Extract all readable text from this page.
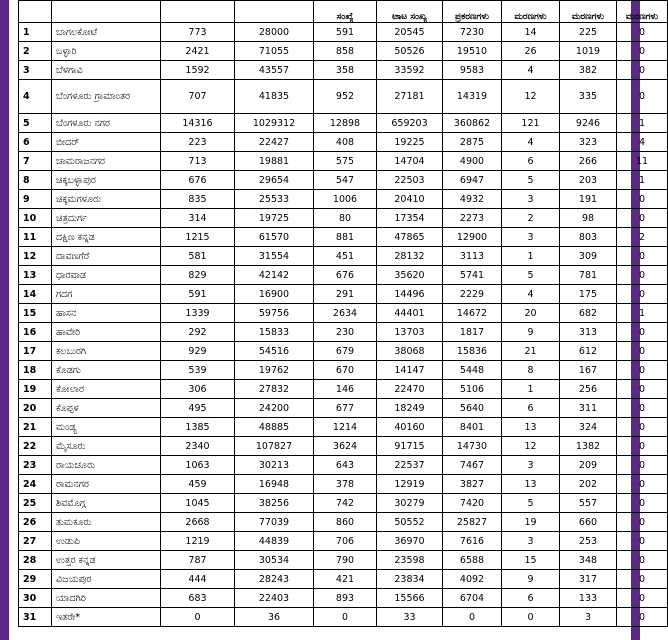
				ಸಂಖ್ಯೆ	ಟಾಟ ಸಂಖ್ಯ	ಪ್ರಕರಣಗಳು	ಮರಣಗಳು	ಮರಣಗಳು	ಮರಣಗಳು
1	ಬಾಗಲಕೋಟೆ	773	28000	591	20545	7230	14	225	0
2	ಬಳ್ಳಾರಿ	2421	71055	858	50526	19510	26	1019	0
3	ಬೆಳಗಾವಿ	1592	43557	358	33592	9583	4	382	0
4	ಬೆಂಗಳೂರು ಗ್ರಾಮಾಂತರ	707	41835	952	27181	14319	12	335	0
5	ಬೆಂಗಳೂರು ನಗರ	14316	1029312	12898	659203	360862	121	9246	1
6	ಬೀದರ್	223	22427	408	19225	2875	4	323	4
7	ಚಾಮರಾಜನಗರ	713	19881	575	14704	4900	6	266	11
8	ಚಿಕ್ಕಬಳ್ಳಾಪುರ	676	29654	547	22503	6947	5	203	1
9	ಚಿಕ್ಕಮಗಳೂರು	835	25533	1006	20410	4932	3	191	0
10	ಚಿತ್ರದುರ್ಗ	314	19725	80	17354	2273	2	98	0
11	ದಕ್ಷಿಣ ಕನ್ನಡ	1215	61570	881	47865	12900	3	803	2
12	ದಾವಣಗೆರೆ	581	31554	451	28132	3113	1	309	0
13	ಧಾರವಾಡ	829	42142	676	35620	5741	5	781	0
14	ಗದಗ	591	16900	291	14496	2229	4	175	0
15	ಹಾಸನ	1339	59756	2634	44401	14672	20	682	1
16	ಹಾವೇರಿ	292	15833	230	13703	1817	9	313	0
17	ಕಲಬುರಗಿ	929	54516	679	38068	15836	21	612	0
18	ಕೊಡಗು	539	19762	670	14147	5448	8	167	0
19	ಕೋಲಾರ	306	27832	146	22470	5106	1	256	0
20	ಕೊಪ್ಪಳ	495	24200	677	18249	5640	6	311	0
21	ಮಂಡ್ಯ	1385	48885	1214	40160	8401	13	324	0
22	ಮೈಸೂರು	2340	107827	3624	91715	14730	12	1382	0
23	ರಾಯಚೂರು	1063	30213	643	22537	7467	3	209	0
24	ರಾಮನಗರ	459	16948	378	12919	3827	13	202	0
25	ಶಿವಮೊಗ್ಗ	1045	38256	742	30279	7420	5	557	0
26	ತುಮಕೂರು	2668	77039	860	50552	25827	19	660	0
27	ಉಡುಪಿ	1219	44839	706	36970	7616	3	253	0
28	ಉತ್ತರ ಕನ್ನಡ	787	30534	790	23598	6588	15	348	0
29	ವಿಜಯಪುರ	444	28243	421	23834	4092	9	317	0
30	ಯಾದಗಿರಿ	683	22403	893	15566	6704	6	133	0
31	ಇತರೇ*	0	36	0	33	0	0	3	0
